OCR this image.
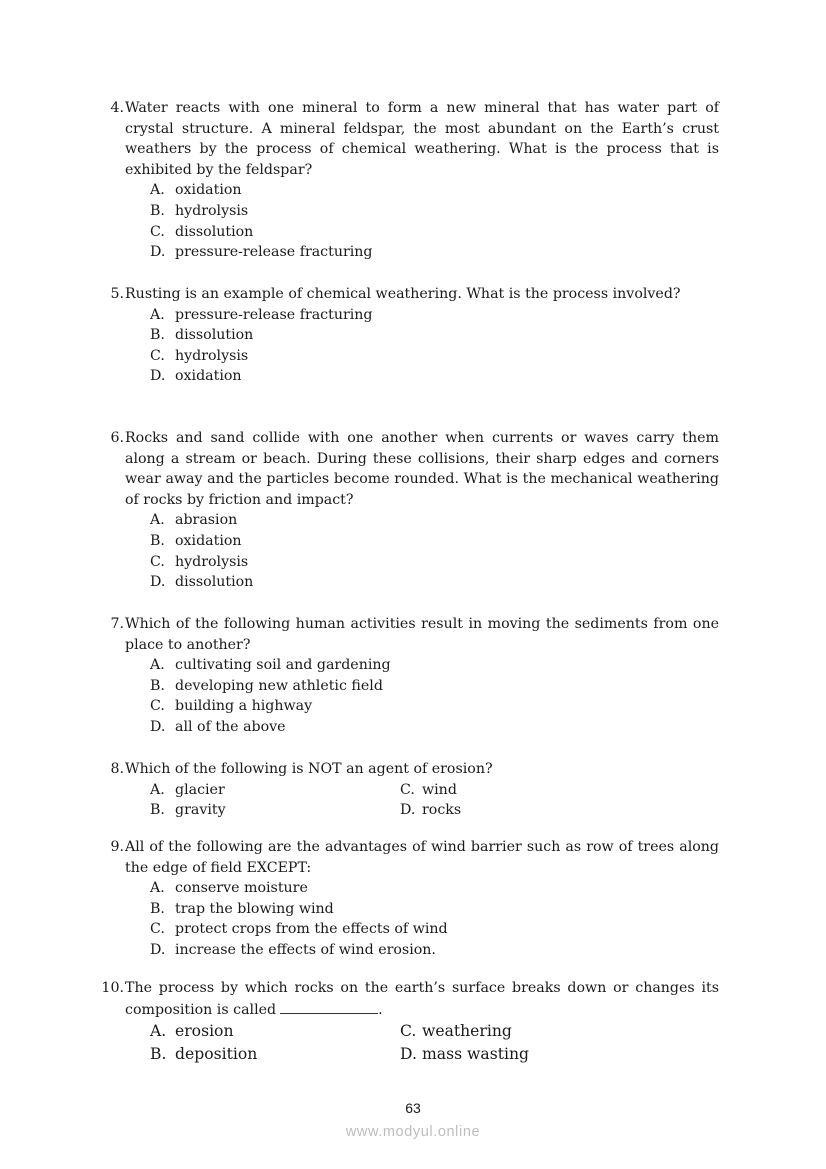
4. Water reacts with one mineral to form a new mineral that has water part of crystal structure. A mineral feldspar, the most abundant on the Earth’s crust weathers by the process of chemical weathering. What is the process that is exhibited by the feldspar?
A. oxidation
B. hydrolysis
C. dissolution
D. pressure-release fracturing
5. Rusting is an example of chemical weathering. What is the process involved?
A. pressure-release fracturing
B. dissolution
C. hydrolysis
D. oxidation
6. Rocks and sand collide with one another when currents or waves carry them along a stream or beach. During these collisions, their sharp edges and corners wear away and the particles become rounded. What is the mechanical weathering of rocks by friction and impact?
A. abrasion
B. oxidation
C. hydrolysis
D. dissolution
7. Which of the following human activities result in moving the sediments from one place to another?
A. cultivating soil and gardening
B. developing new athletic field
C. building a highway
D. all of the above
8. Which of the following is NOT an agent of erosion?
A. glacier	C. wind
B. gravity	D. rocks
9. All of the following are the advantages of wind barrier such as row of trees along the edge of field EXCEPT:
A. conserve moisture
B. trap the blowing wind
C. protect crops from the effects of wind
D. increase the effects of wind erosion.
10. The process by which rocks on the earth’s surface breaks down or changes its composition is called	.
A. erosion	C. weathering
B. deposition	D. mass wasting
63
www.modyul.online
